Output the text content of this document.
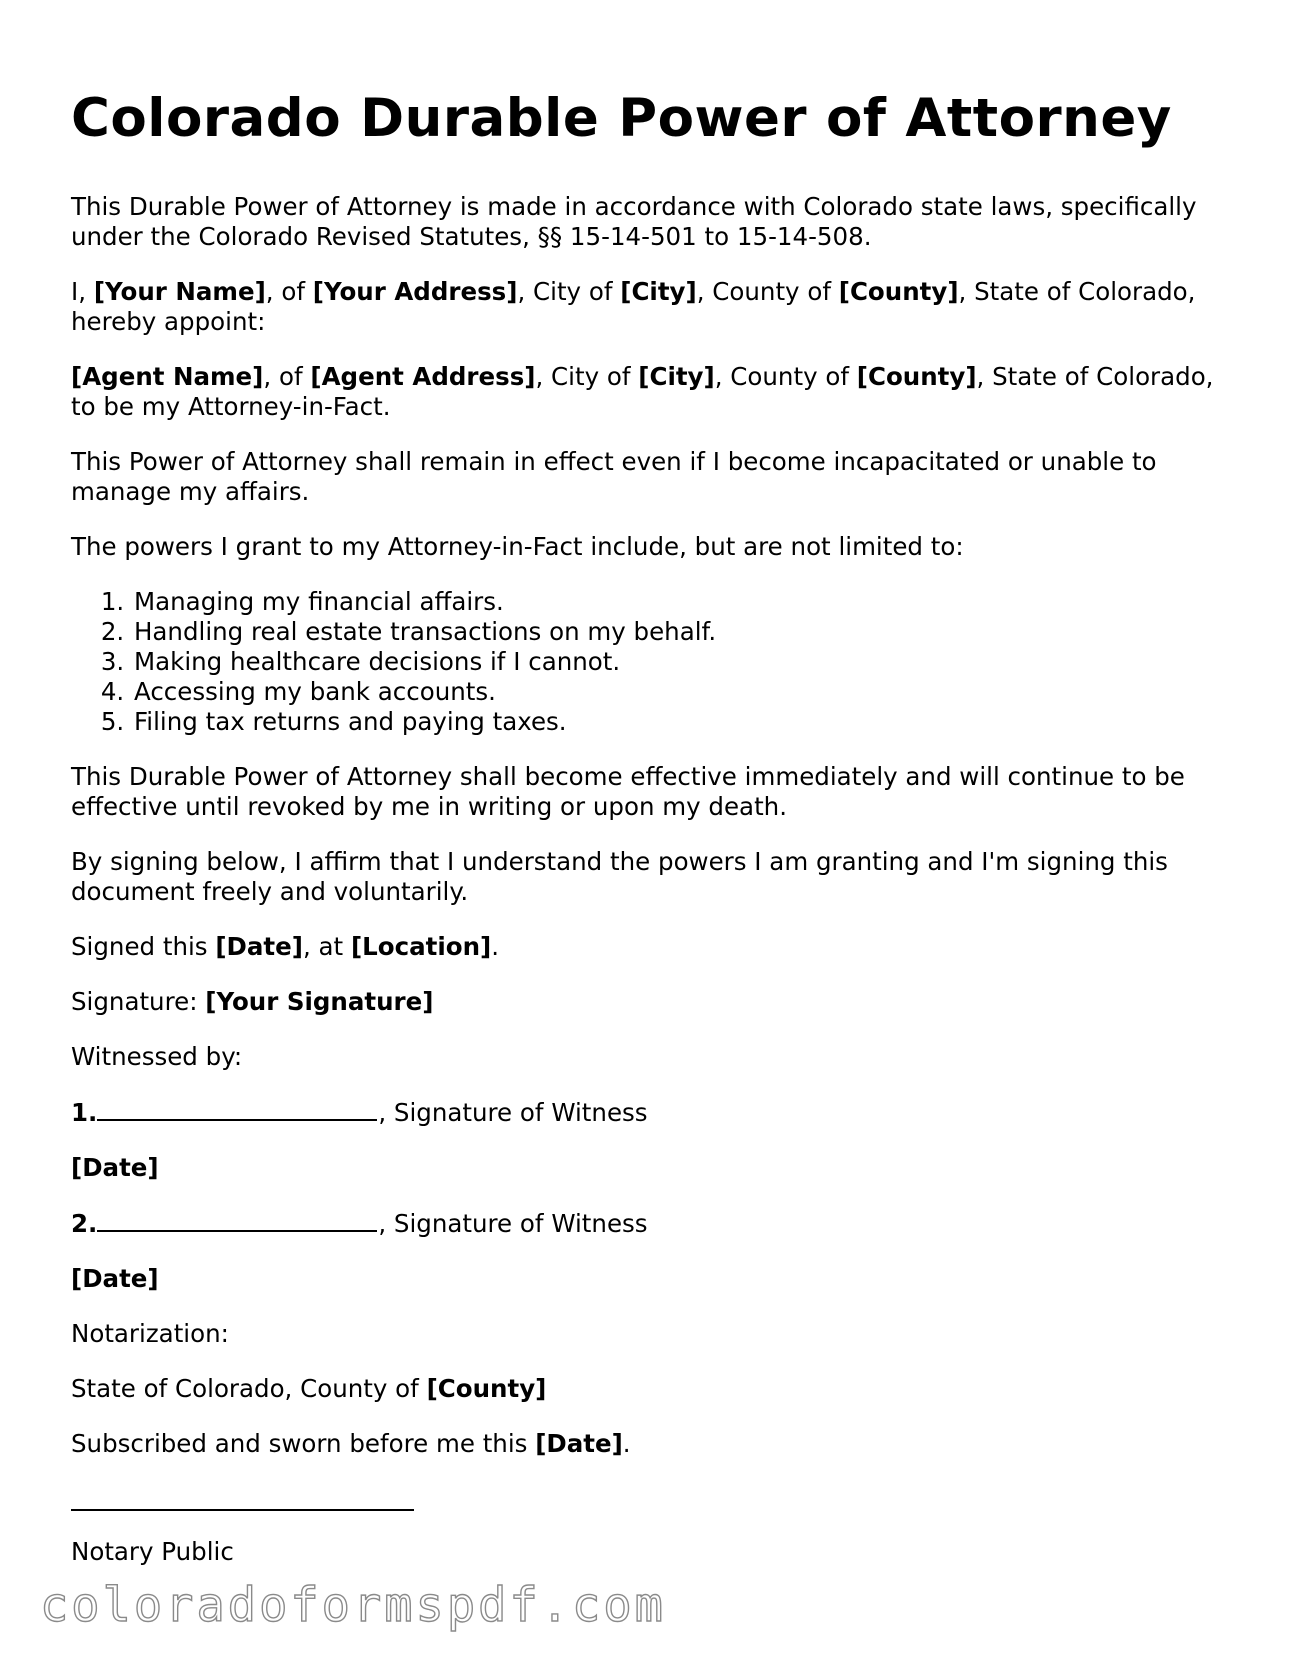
Colorado Durable Power of Attorney

This Durable Power of Attorney is made in accordance with Colorado state laws, specifically under the Colorado Revised Statutes, §§ 15-14-501 to 15-14-508.

I, [Your Name], of [Your Address], City of [City], County of [County], State of Colorado, hereby appoint:

[Agent Name], of [Agent Address], City of [City], County of [County], State of Colorado, to be my Attorney-in-Fact.

This Power of Attorney shall remain in effect even if I become incapacitated or unable to manage my affairs.

The powers I grant to my Attorney-in-Fact include, but are not limited to:

1. Managing my financial affairs.
2. Handling real estate transactions on my behalf.
3. Making healthcare decisions if I cannot.
4. Accessing my bank accounts.
5. Filing tax returns and paying taxes.

This Durable Power of Attorney shall become effective immediately and will continue to be effective until revoked by me in writing or upon my death.

By signing below, I affirm that I understand the powers I am granting and I'm signing this document freely and voluntarily.

Signed this [Date], at [Location].

Signature: [Your Signature]

Witnessed by:

1.	, Signature of Witness

[Date]

2.	, Signature of Witness

[Date]

Notarization:

State of Colorado, County of [County]

Subscribed and sworn before me this [Date].

Notary Public

coloradoformspdf.com
